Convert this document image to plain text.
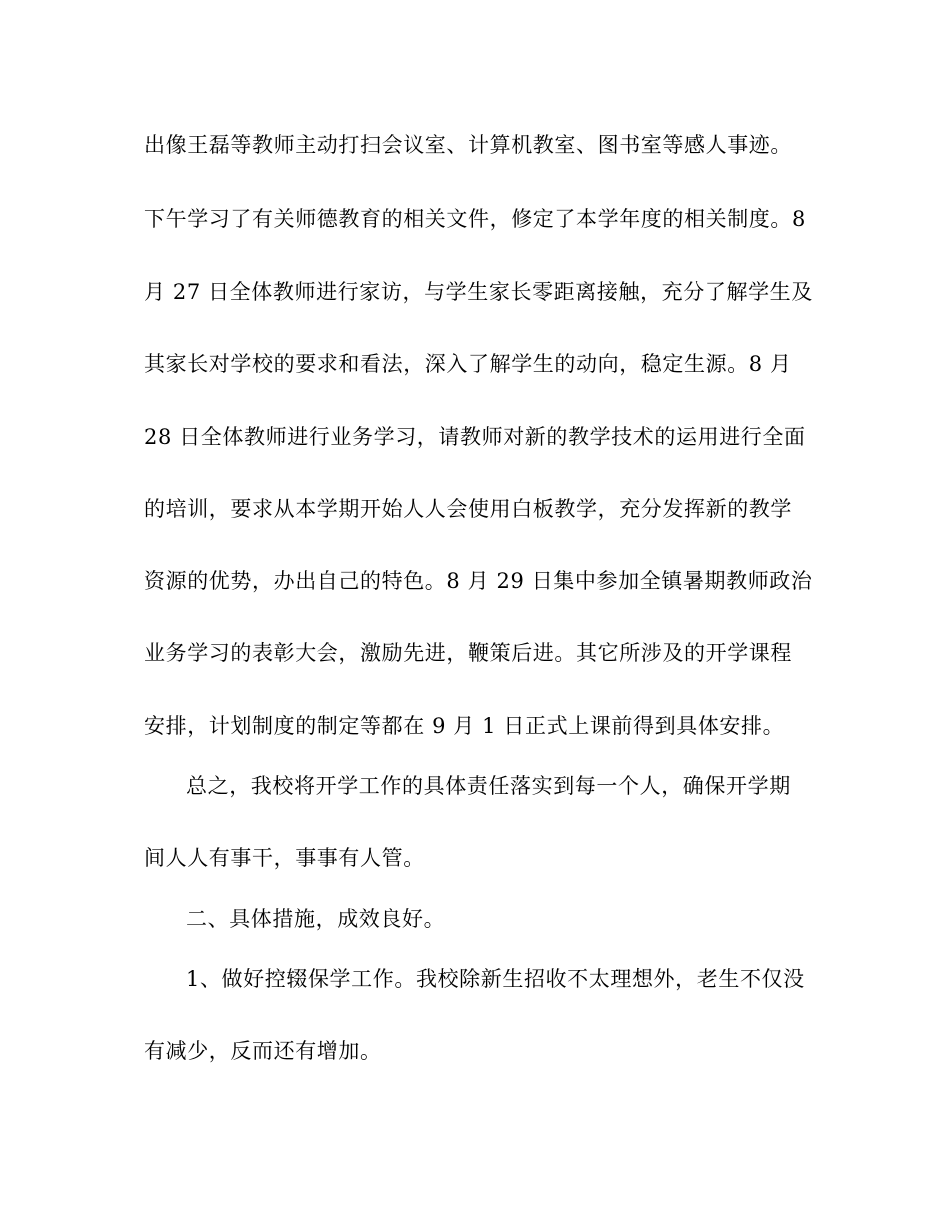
出像王磊等教师主动打扫会议室、计算机教室、图书室等感人事迹。
下午学习了有关师德教育的相关文件，修定了本学年度的相关制度。8
月 27 日全体教师进行家访，与学生家长零距离接触，充分了解学生及
其家长对学校的要求和看法，深入了解学生的动向，稳定生源。8 月
28 日全体教师进行业务学习，请教师对新的教学技术的运用进行全面
的培训，要求从本学期开始人人会使用白板教学，充分发挥新的教学
资源的优势，办出自己的特色。8 月 29 日集中参加全镇暑期教师政治
业务学习的表彰大会，激励先进，鞭策后进。其它所涉及的开学课程
安排，计划制度的制定等都在 9 月 1 日正式上课前得到具体安排。
总之，我校将开学工作的具体责任落实到每一个人，确保开学期
间人人有事干，事事有人管。
二、具体措施，成效良好。
1、做好控辍保学工作。我校除新生招收不太理想外，老生不仅没
有减少，反而还有增加。
